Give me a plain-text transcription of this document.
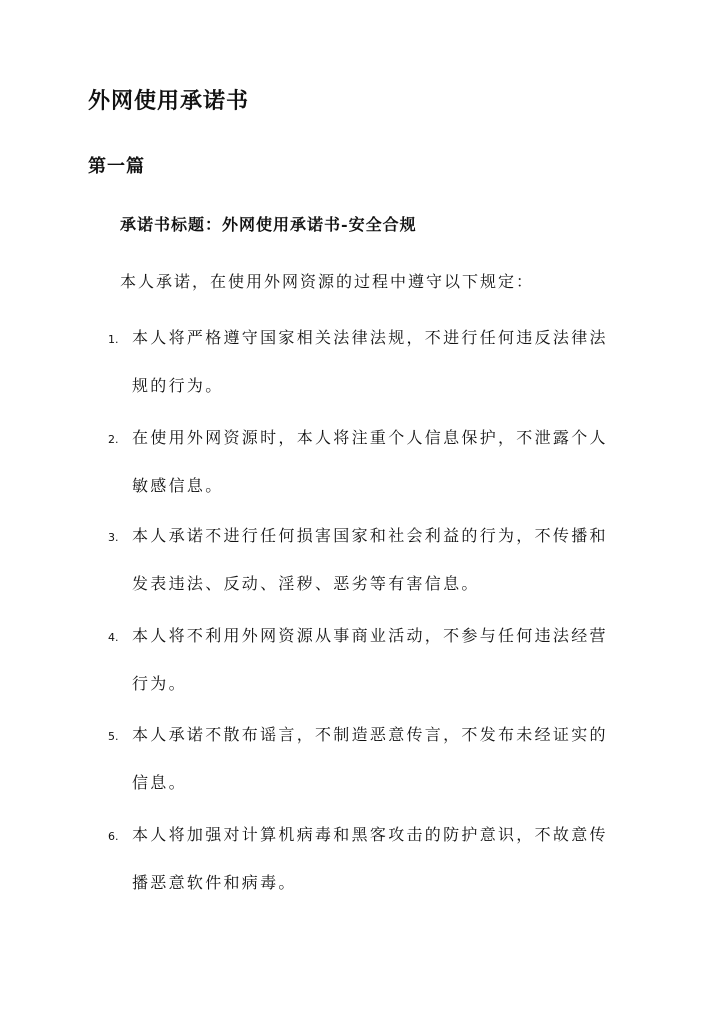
外网使用承诺书
第一篇

承诺书标题：外网使用承诺书-安全合规

本人承诺，在使用外网资源的过程中遵守以下规定：

1. 本人将严格遵守国家相关法律法规，不进行任何违反法律法
规的行为。
2. 在使用外网资源时，本人将注重个人信息保护，不泄露个人
敏感信息。
3. 本人承诺不进行任何损害国家和社会利益的行为，不传播和
发表违法、反动、淫秽、恶劣等有害信息。
4. 本人将不利用外网资源从事商业活动，不参与任何违法经营
行为。
5. 本人承诺不散布谣言，不制造恶意传言，不发布未经证实的
信息。
6. 本人将加强对计算机病毒和黑客攻击的防护意识，不故意传
播恶意软件和病毒。
